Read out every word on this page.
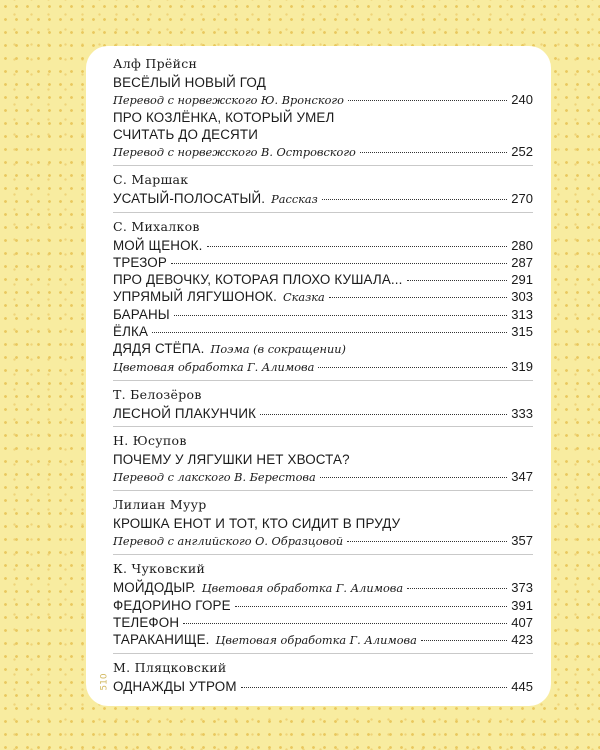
Алф Прёйсн
ВЕСЁЛЫЙ НОВЫЙ ГОД
Перевод с норвежского Ю. Вронского	240
ПРО КОЗЛЁНКА, КОТОРЫЙ УМЕЛ
СЧИТАТЬ ДО ДЕСЯТИ
Перевод с норвежского В. Островского	252
С. Маршак
УСАТЫЙ-ПОЛОСАТЫЙ. Рассказ	270
С. Михалков
МОЙ ЩЕНОК.	280
ТРЕЗОР	287
ПРО ДЕВОЧКУ, КОТОРАЯ ПЛОХО КУШАЛА...	291
УПРЯМЫЙ ЛЯГУШОНОК. Сказка	303
БАРАНЫ	313
ЁЛКА	315
ДЯДЯ СТЁПА. Поэма (в сокращении)
Цветовая обработка Г. Алимова	319
Т. Белозёров
ЛЕСНОЙ ПЛАКУНЧИК	333
Н. Юсупов
ПОЧЕМУ У ЛЯГУШКИ НЕТ ХВОСТА?
Перевод с лакского В. Берестова	347
Лилиан Муур
КРОШКА ЕНОТ И ТОТ, КТО СИДИТ В ПРУДУ
Перевод с английского О. Образцовой	357
К. Чуковский
МОЙДОДЫР. Цветовая обработка Г. Алимова	373
ФЕДОРИНО ГОРЕ	391
ТЕЛЕФОН	407
ТАРАКАНИЩЕ. Цветовая обработка Г. Алимова	423
М. Пляцковский
ОДНАЖДЫ УТРОМ	445
510
